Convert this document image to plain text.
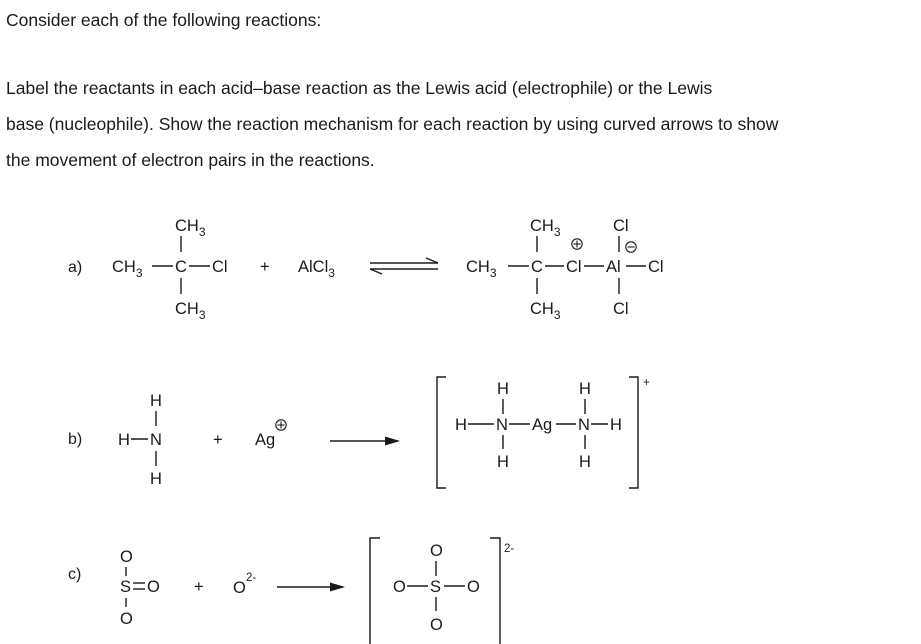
Consider each of the following reactions:

Label the reactants in each acid–base reaction as the Lewis acid (electrophile) or the Lewis
base (nucleophile). Show the reaction mechanism for each reaction by using curved arrows to show
the movement of electron pairs in the reactions.

a)
$CH_3$
$CH_3$ C Cl
$CH_3$
+ AlCl$_3$
$CH_3$
$CH_3$ C Cl Al
Cl
Cl
$CH_3$	Cl
b)
H
H N
H
+ Ag
+
H
H N Ag N H
H
H	H
c)
O
S O
O
+ O
2-
2-
O
O S O
O
